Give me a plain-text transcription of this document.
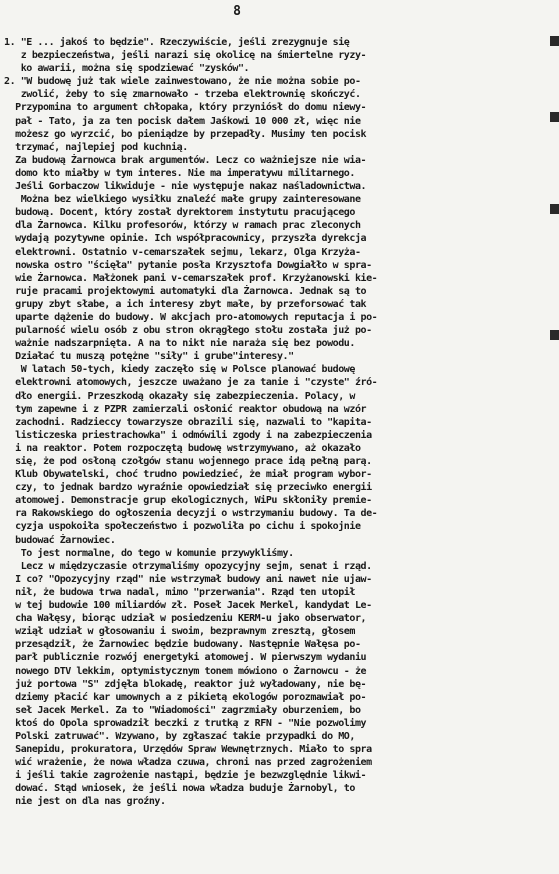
8
1. "E ... jakoś to będzie". Rzeczywiście, jeśli zrezygnuje się
z bezpieczeństwa, jeśli narazi się okolicę na śmiertelne ryzy-
ko awarii, można się spodziewać "zysków".
2. "W budowę już tak wiele zainwestowano, że nie można sobie po-
zwolić, żeby to się zmarnowało - trzeba elektrownię skończyć.
Przypomina to argument chłopaka, który przyniósł do domu niewy-
pał - Tato, ja za ten pocisk dałem Jaśkowi 10 000 zł, więc nie
możesz go wyrzcić, bo pieniądze by przepadły. Musimy ten pocisk
trzymać, najlepiej pod kuchnią.
Za budową Żarnowca brak argumentów. Lecz co ważniejsze nie wia-
domo kto miałby w tym interes. Nie ma imperatywu militarnego.
Jeśli Gorbaczow likwiduje - nie występuje nakaz naśladownictwa.
Można bez wielkiego wysiłku znaleźć małe grupy zainteresowane
budową. Docent, który został dyrektorem instytutu pracującego
dla Żarnowca. Kilku profesorów, którzy w ramach prac zleconych
wydają pozytywne opinie. Ich współpracownicy, przyszła dyrekcja
elektrowni. Ostatnio v-cemarszałek sejmu, lekarz, Olga Krzyża-
nowska ostro "ścięła" pytanie posła Krzysztofa Dowgiałło w spra-
wie Żarnowca. Małżonek pani v-cemarszałek prof. Krzyżanowski kie-
ruje pracami projektowymi automatyki dla Żarnowca. Jednak są to
grupy zbyt słabe, a ich interesy zbyt małe, by przeforsować tak
uparte dążenie do budowy. W akcjach pro-atomowych reputacja i po-
pularność wielu osób z obu stron okrągłego stołu została już po-
ważnie nadszarpnięta. A na to nikt nie naraża się bez powodu.
Działać tu muszą potężne "siły" i grube"interesy."
W latach 50-tych, kiedy zaczęło się w Polsce planować budowę
elektrowni atomowych, jeszcze uważano je za tanie i "czyste" źró-
dło energii. Przeszkodą okazały się zabezpieczenia. Polacy, w
tym zapewne i z PZPR zamierzali osłonić reaktor obudową na wzór
zachodni. Radzieccy towarzysze obrazili się, nazwali to "kapita-
listiczeska priestrachowka" i odmówili zgody i na zabezpieczenia
i na reaktor. Potem rozpoczętą budowę wstrzymywano, aż okazało
się, że pod osłoną czołgów stanu wojennego prace idą pełną parą.
Klub Obywatelski, choć trudno powiedzieć, że miał program wybor-
czy, to jednak bardzo wyraźnie opowiedział się przeciwko energii
atomowej. Demonstracje grup ekologicznych, WiPu skłoniły premie-
ra Rakowskiego do ogłoszenia decyzji o wstrzymaniu budowy. Ta de-
cyzja uspokoiła społeczeństwo i pozwoliła po cichu i spokojnie
budować Żarnowiec.
To jest normalne, do tego w komunie przywykliśmy.
Lecz w międzyczasie otrzymaliśmy opozycyjny sejm, senat i rząd.
I co? "Opozycyjny rząd" nie wstrzymał budowy ani nawet nie ujaw-
nił, że budowa trwa nadal, mimo "przerwania". Rząd ten utopił
w tej budowie 100 miliardów zł. Poseł Jacek Merkel, kandydat Le-
cha Wałęsy, biorąc udział w posiedzeniu KERM-u jako obserwator,
wziął udział w głosowaniu i swoim, bezprawnym zresztą, głosem
przesądził, że Żarnowiec będzie budowany. Następnie Wałęsa po-
parł publicznie rozwój energetyki atomowej. W pierwszym wydaniu
nowego DTV lekkim, optymistycznym tonem mówiono o Żarnowcu - że
już portowa "S" zdjęła blokadę, reaktor już wyładowany, nie bę-
dziemy płacić kar umownych a z pikietą ekologów porozmawiał po-
seł Jacek Merkel. Za to "Wiadomości" zagrzmiały oburzeniem, bo
ktoś do Opola sprowadził beczki z trutką z RFN - "Nie pozwolimy
Polski zatruwać". Wzywano, by zgłaszać takie przypadki do MO,
Sanepidu, prokuratora, Urzędów Spraw Wewnętrznych. Miało to spra
wić wrażenie, że nowa władza czuwa, chroni nas przed zagrożeniem
i jeśli takie zagrożenie nastąpi, będzie je bezwzględnie likwi-
dować. Stąd wniosek, że jeśli nowa władza buduje Żarnobyl, to
nie jest on dla nas groźny.
